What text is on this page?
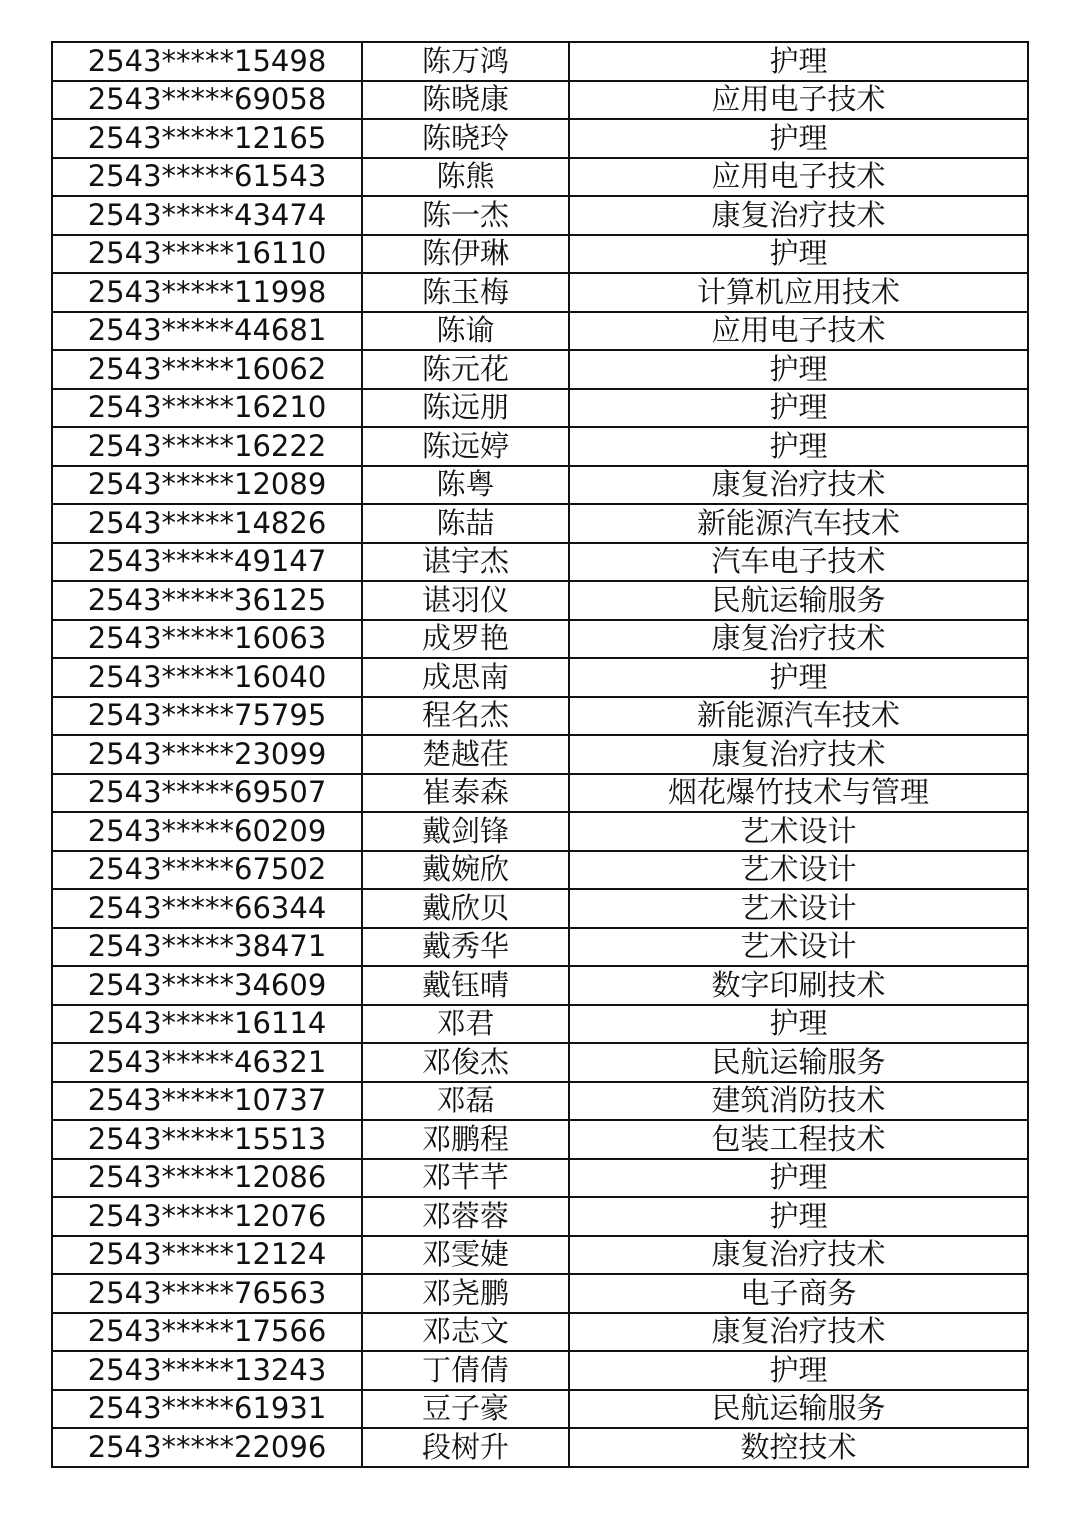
2543*****15498	陈万鸿	护理
2543*****69058	陈晓康	应用电子技术
2543*****12165	陈晓玲	护理
2543*****61543	陈熊	应用电子技术
2543*****43474	陈一杰	康复治疗技术
2543*****16110	陈伊琳	护理
2543*****11998	陈玉梅	计算机应用技术
2543*****44681	陈谕	应用电子技术
2543*****16062	陈元花	护理
2543*****16210	陈远朋	护理
2543*****16222	陈远婷	护理
2543*****12089	陈粤	康复治疗技术
2543*****14826	陈喆	新能源汽车技术
2543*****49147	谌宇杰	汽车电子技术
2543*****36125	谌羽仪	民航运输服务
2543*****16063	成罗艳	康复治疗技术
2543*****16040	成思南	护理
2543*****75795	程名杰	新能源汽车技术
2543*****23099	楚越荏	康复治疗技术
2543*****69507	崔泰森	烟花爆竹技术与管理
2543*****60209	戴剑锋	艺术设计
2543*****67502	戴婉欣	艺术设计
2543*****66344	戴欣贝	艺术设计
2543*****38471	戴秀华	艺术设计
2543*****34609	戴钰晴	数字印刷技术
2543*****16114	邓君	护理
2543*****46321	邓俊杰	民航运输服务
2543*****10737	邓磊	建筑消防技术
2543*****15513	邓鹏程	包装工程技术
2543*****12086	邓芊芊	护理
2543*****12076	邓蓉蓉	护理
2543*****12124	邓雯婕	康复治疗技术
2543*****76563	邓尧鹏	电子商务
2543*****17566	邓志文	康复治疗技术
2543*****13243	丁倩倩	护理
2543*****61931	豆子豪	民航运输服务
2543*****22096	段树升	数控技术
